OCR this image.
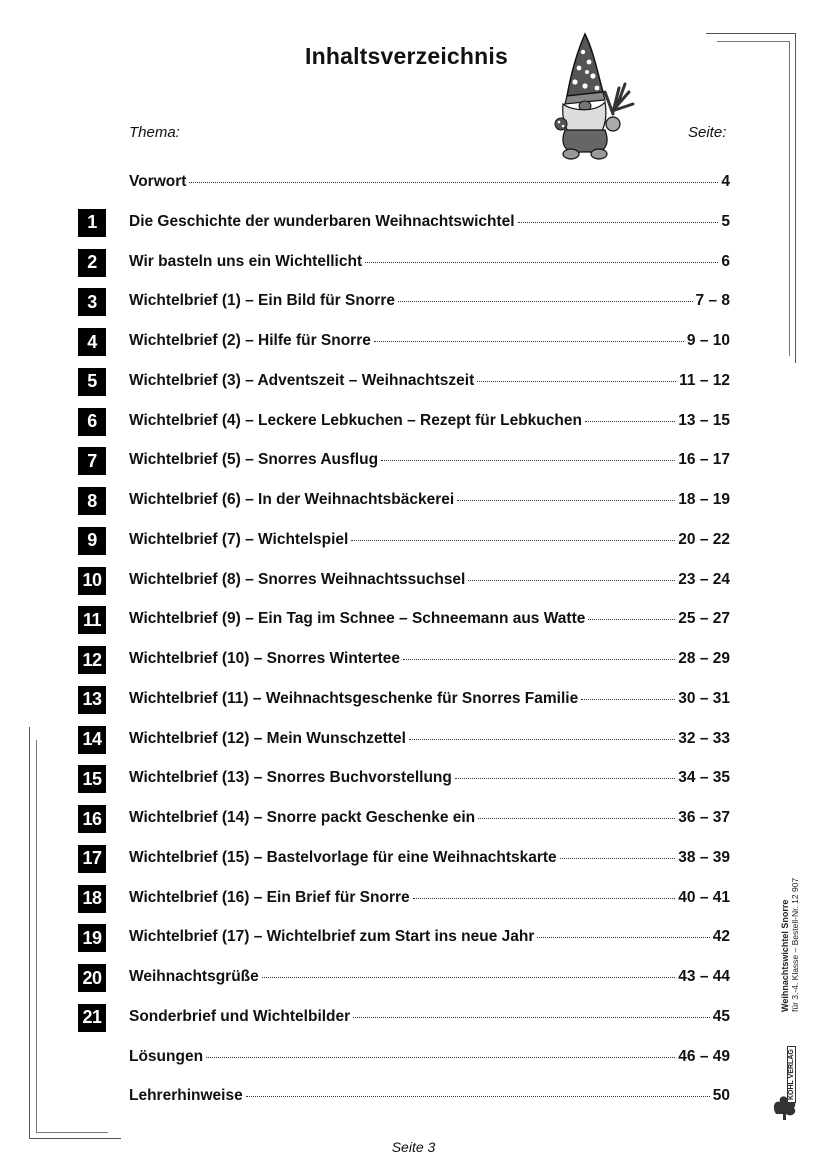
Inhaltsverzeichnis
Thema:	Seite:
Vorwort	4
1	Die Geschichte der wunderbaren Weihnachtswichtel	5
2	Wir basteln uns ein Wichtellicht	6
3	Wichtelbrief (1) – Ein Bild für Snorre	7 – 8
4	Wichtelbrief (2) – Hilfe für Snorre	9 – 10
5	Wichtelbrief (3) – Adventszeit – Weihnachtszeit	11 – 12
6	Wichtelbrief (4) – Leckere Lebkuchen – Rezept für Lebkuchen	13 – 15
7	Wichtelbrief (5) – Snorres Ausflug	16 – 17
8	Wichtelbrief (6) – In der Weihnachtsbäckerei	18 – 19
9	Wichtelbrief (7) – Wichtelspiel	20 – 22
10 Wichtelbrief (8) – Snorres Weihnachtssuchsel	23 – 24
11	Wichtelbrief (9) – Ein Tag im Schnee – Schneemann aus Watte	25 – 27
12 Wichtelbrief (10) – Snorres Wintertee	28 – 29
13 Wichtelbrief (11) – Weihnachtsgeschenke für Snorres Familie	30 – 31
14 Wichtelbrief (12) – Mein Wunschzettel	32 – 33
15 Wichtelbrief (13) – Snorres Buchvorstellung	34 – 35
16 Wichtelbrief (14) – Snorre packt Geschenke ein	36 – 37
17 Wichtelbrief (15) – Bastelvorlage für eine Weihnachtskarte	38 – 39
18 Wichtelbrief (16) – Ein Brief für Snorre	40 – 41
19 Wichtelbrief (17) – Wichtelbrief zum Start ins neue Jahr	42
20 Weihnachtsgrüße	43 – 44
21 Sonderbrief und Wichtelbilder	45
Lösungen	46 – 49
Lehrerhinweise	50
Weihnachtswichtel Snorre für 3.-4. Klasse – Bestell-Nr. 12 907
KOHL VERLAG
Seite 3
